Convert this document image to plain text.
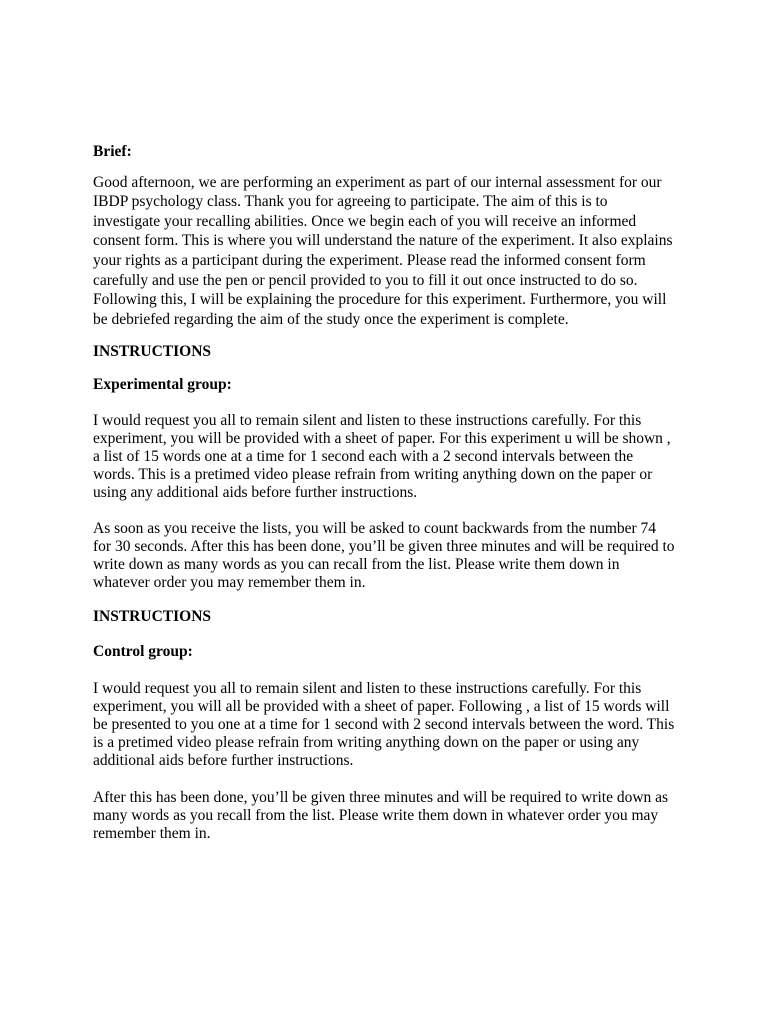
Brief:

Good afternoon, we are performing an experiment as part of our internal assessment for our IBDP psychology class. Thank you for agreeing to participate. The aim of this is to investigate your recalling abilities. Once we begin each of you will receive an informed consent form. This is where you will understand the nature of the experiment. It also explains your rights as a participant during the experiment. Please read the informed consent form carefully and use the pen or pencil provided to you to fill it out once instructed to do so. Following this, I will be explaining the procedure for this experiment. Furthermore, you will be debriefed regarding the aim of the study once the experiment is complete.

INSTRUCTIONS

Experimental group:

I would request you all to remain silent and listen to these instructions carefully. For this experiment, you will be provided with a sheet of paper. For this experiment u will be shown , a list of 15 words one at a time for 1 second each with a 2 second intervals between the words. This is a pretimed video please refrain from writing anything down on the paper or using any additional aids before further instructions.

As soon as you receive the lists, you will be asked to count backwards from the number 74 for 30 seconds. After this has been done, you’ll be given three minutes and will be required to write down as many words as you can recall from the list. Please write them down in whatever order you may remember them in.

INSTRUCTIONS

Control group:

I would request you all to remain silent and listen to these instructions carefully. For this experiment, you will all be provided with a sheet of paper. Following , a list of 15 words will be presented to you one at a time for 1 second with 2 second intervals between the word. This is a pretimed video please refrain from writing anything down on the paper or using any additional aids before further instructions.

After this has been done, you’ll be given three minutes and will be required to write down as many words as you recall from the list. Please write them down in whatever order you may remember them in.
